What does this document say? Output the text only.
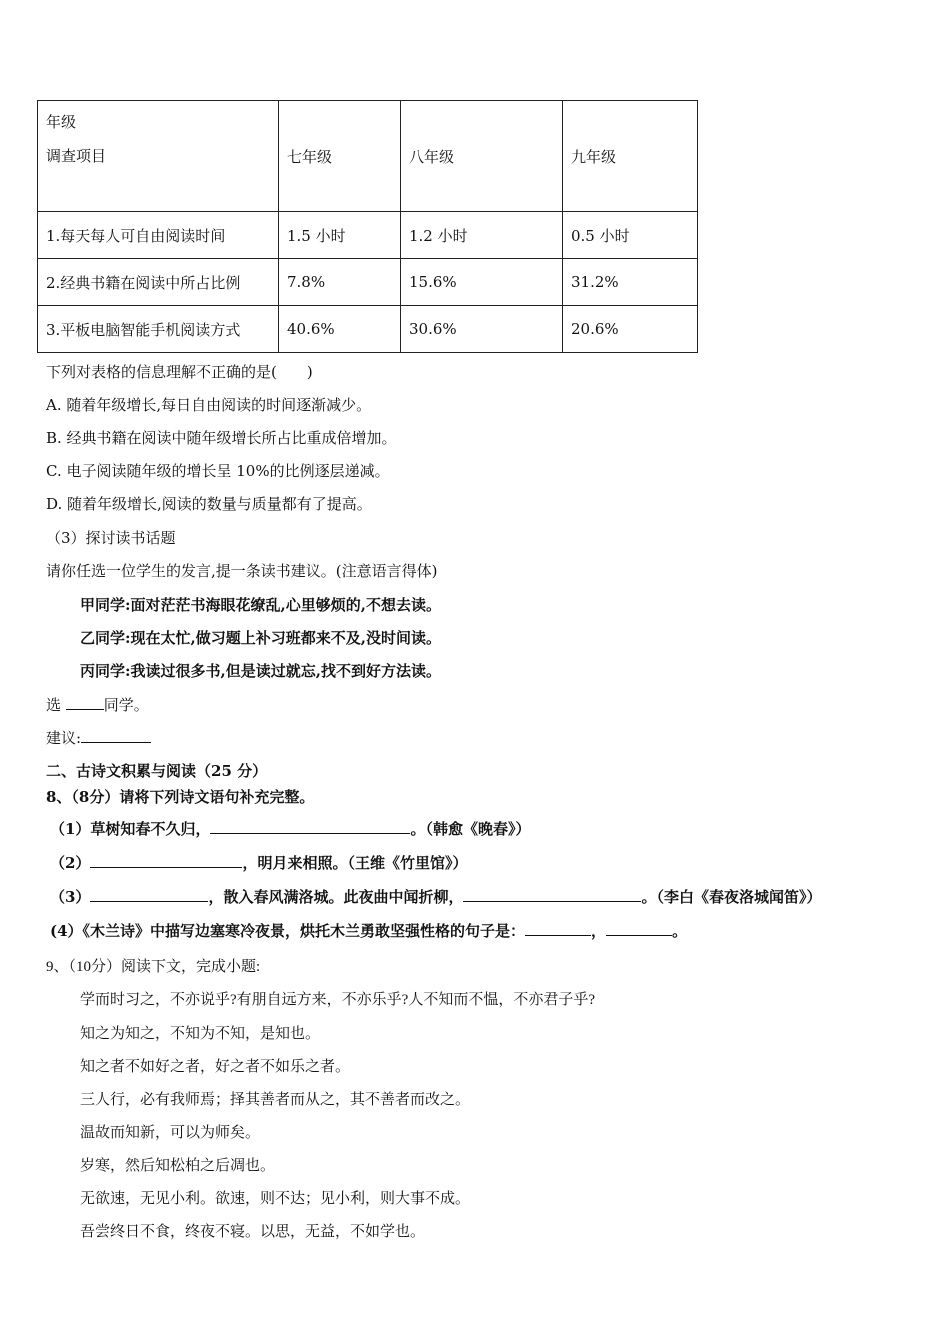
年级
调查项目	七年级	八年级	九年级
1.每天每人可自由阅读时间	1.5 小时	1.2 小时	0.5 小时
2.经典书籍在阅读中所占比例	7.8%	15.6%	31.2%
3.平板电脑智能手机阅读方式	40.6%	30.6%	20.6%
下列对表格的信息理解不正确的是(　　)
A. 随着年级增长,每日自由阅读的时间逐渐减少。
B. 经典书籍在阅读中随年级增长所占比重成倍增加。
C. 电子阅读随年级的增长呈 10%的比例逐层递减。
D. 随着年级增长,阅读的数量与质量都有了提高。
（3）探讨读书话题
请你任选一位学生的发言,提一条读书建议。(注意语言得体)
甲同学:面对茫茫书海眼花缭乱,心里够烦的,不想去读。
乙同学:现在太忙,做习题上补习班都来不及,没时间读。
丙同学:我读过很多书,但是读过就忘,找不到好方法读。
选	同学。
建议:
二、古诗文积累与阅读（25 分）
8、（8分）请将下列诗文语句补充完整。
（1）草树知春不久归，	。（韩愈《晚春》）
（2）	，明月来相照。（王维《竹里馆》）
（3）	，散入春风满洛城。此夜曲中闻折柳，	。（李白《春夜洛城闻笛》）
(4）《木兰诗》中描写边塞寒冷夜景，烘托木兰勇敢坚强性格的句子是：	，	。
9、（10分）阅读下文，完成小题:
学而时习之，不亦说乎?有朋自远方来，不亦乐乎?人不知而不愠，不亦君子乎?
知之为知之，不知为不知，是知也。
知之者不如好之者，好之者不如乐之者。
三人行，必有我师焉；择其善者而从之，其不善者而改之。
温故而知新，可以为师矣。
岁寒，然后知松柏之后凋也。
无欲速，无见小利。欲速，则不达；见小利，则大事不成。
吾尝终日不食，终夜不寝。以思，无益，不如学也。
